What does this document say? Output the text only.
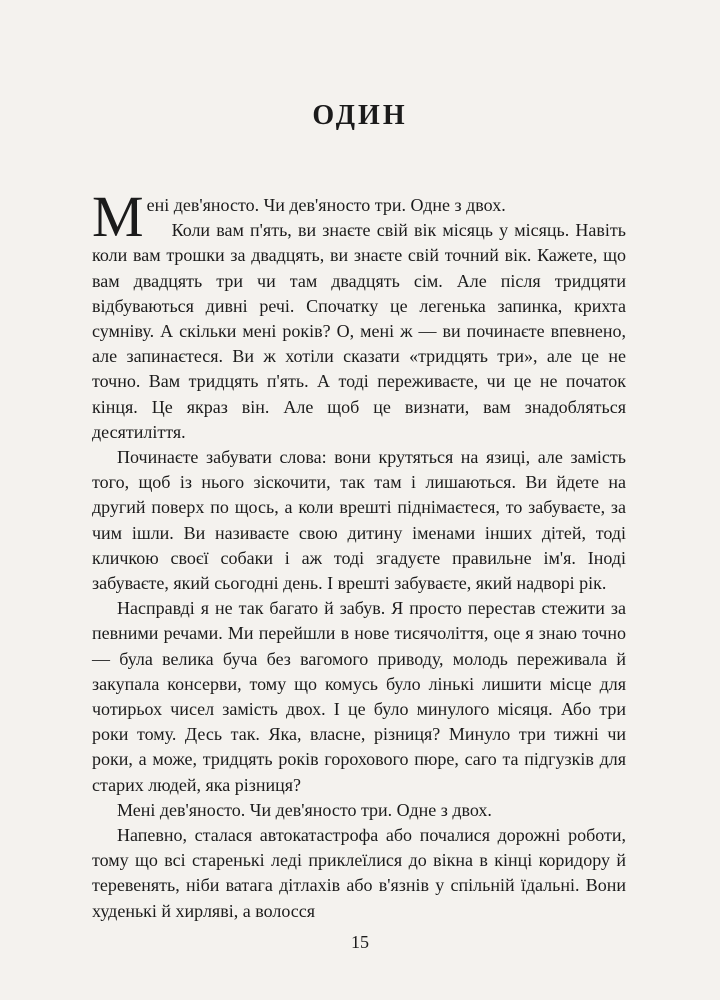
ОДИН

Мені дев'яносто. Чи дев'яносто три. Одне з двох.

Коли вам п'ять, ви знаєте свій вік місяць у місяць. Навіть коли вам трошки за двадцять, ви знаєте свій точний вік. Кажете, що вам двадцять три чи там двадцять сім. Але після тридцяти відбуваються дивні речі. Спочатку це легенька запинка, крихта сумніву. А скільки мені років? О, мені ж — ви починаєте впевнено, але запинаєтеся. Ви ж хотіли сказати «тридцять три», але це не точно. Вам тридцять п'ять. А тоді переживаєте, чи це не початок кінця. Це якраз він. Але щоб це визнати, вам знадобляться десятиліття.

Починаєте забувати слова: вони крутяться на язиці, але замість того, щоб із нього зіскочити, так там і лишаються. Ви йдете на другий поверх по щось, а коли врешті піднімаєтеся, то забуваєте, за чим ішли. Ви називаєте свою дитину іменами інших дітей, тоді кличкою своєї собаки і аж тоді згадуєте правильне ім'я. Іноді забуваєте, який сьогодні день. І врешті забуваєте, який надворі рік.

Насправді я не так багато й забув. Я просто перестав стежити за певними речами. Ми перейшли в нове тисячоліття, оце я знаю точно — була велика буча без вагомого приводу, молодь переживала й закупала консерви, тому що комусь було лінькі лишити місце для чотирьох чисел замість двох. І це було минулого місяця. Або три роки тому. Десь так. Яка, власне, різниця? Минуло три тижні чи роки, а може, тридцять років горохового пюре, саго та підгузків для старих людей, яка різниця?

Мені дев'яносто. Чи дев'яносто три. Одне з двох.

Напевно, сталася автокатастрофа або почалися дорожні роботи, тому що всі старенькі леді приклеїлися до вікна в кінці коридору й теревенять, ніби ватага дітлахів або в'язнів у спільній їдальні. Вони худенькі й хирляві, а волосся

15
